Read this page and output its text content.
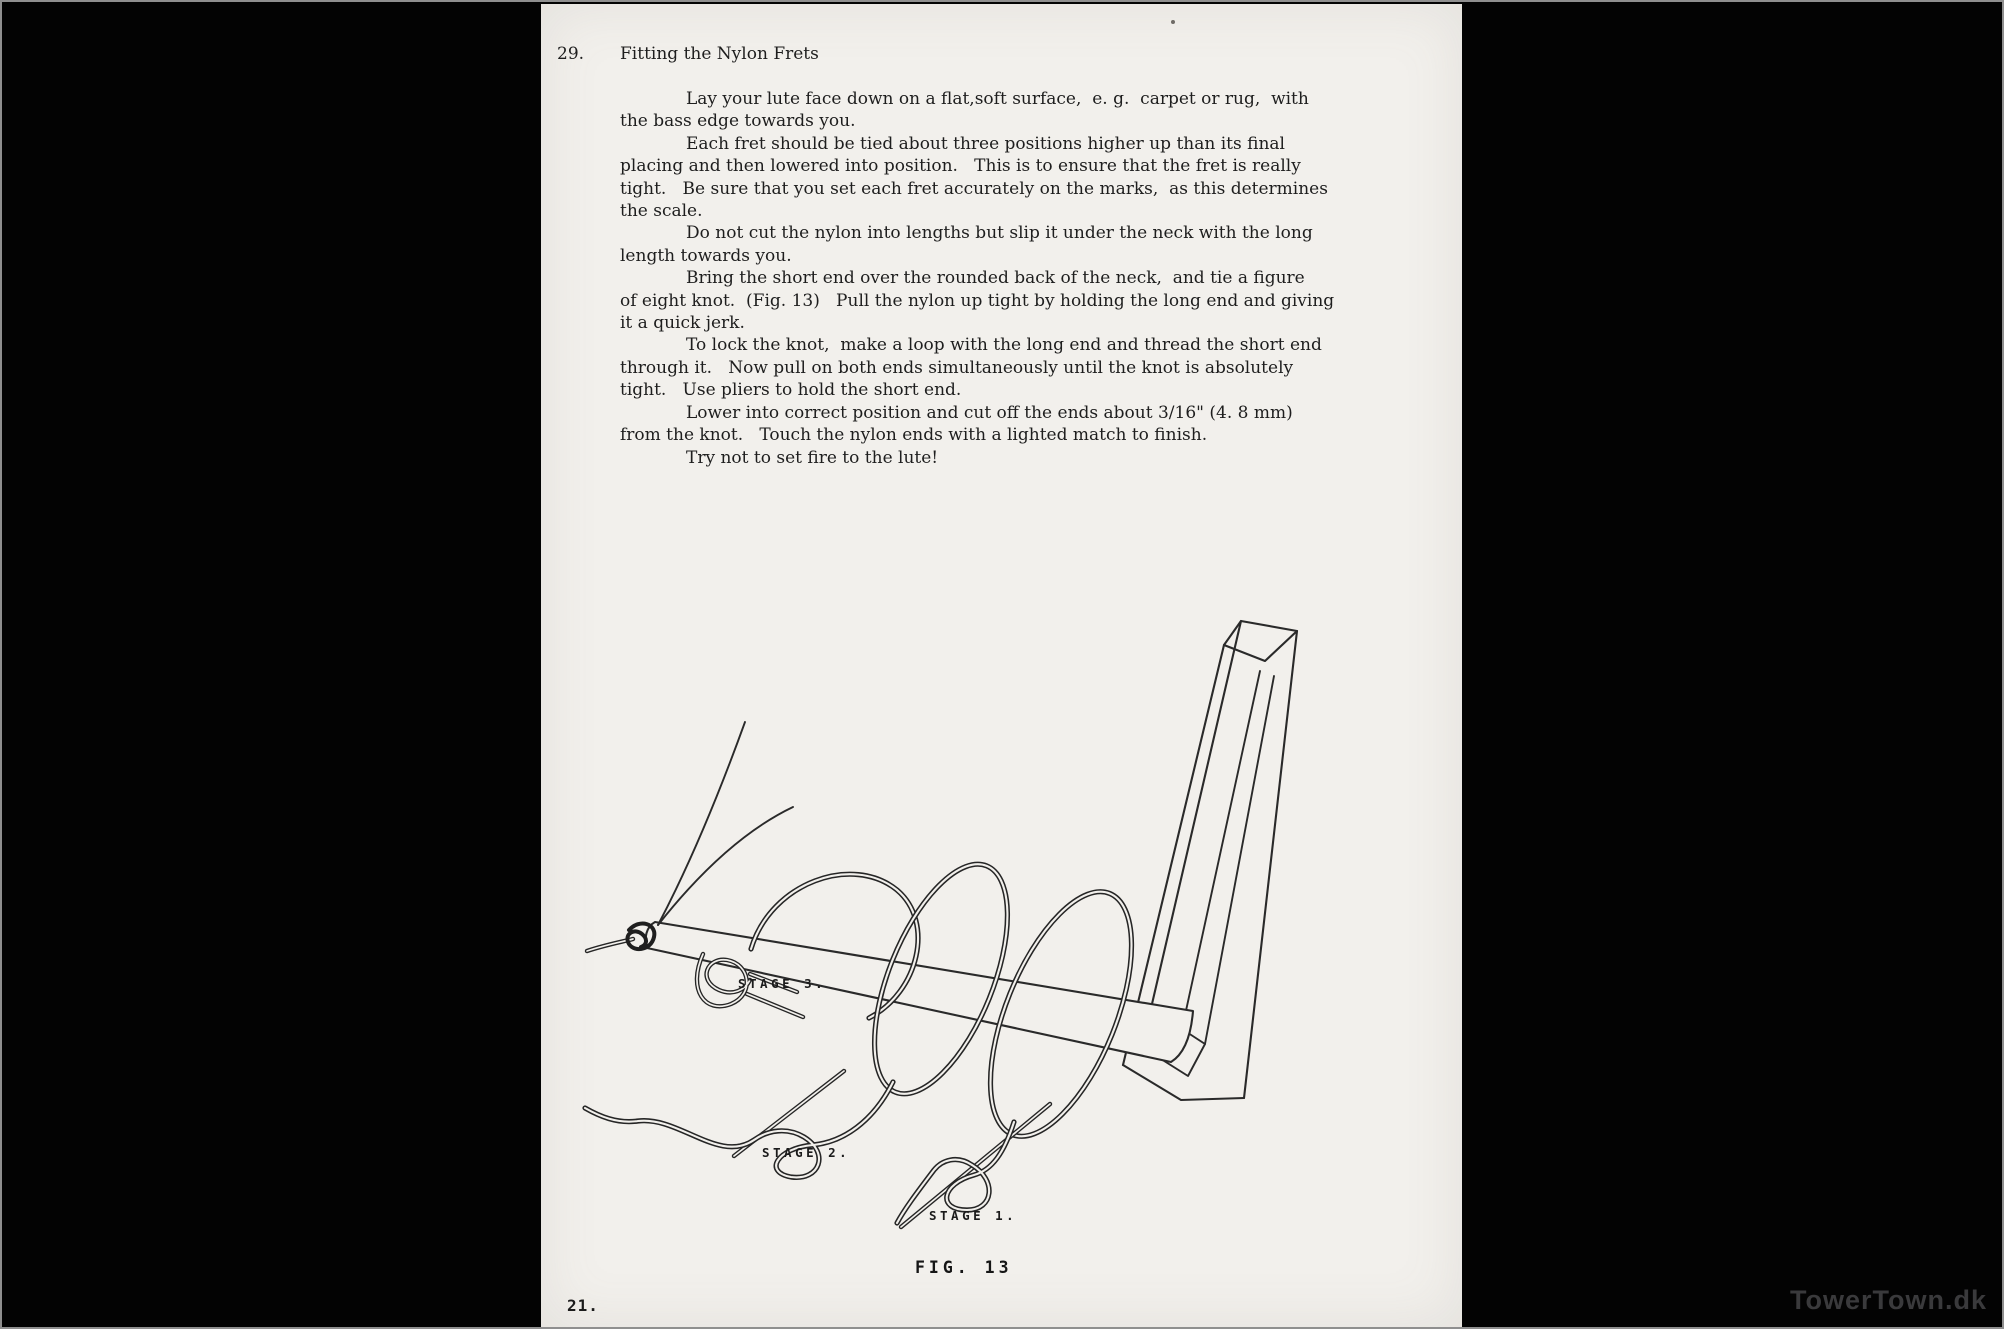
29. Fitting the Nylon Frets
Lay your lute face down on a flat,soft surface,  e. g.  carpet or rug,  with
the bass edge towards you.
Each fret should be tied about three positions higher up than its final
placing and then lowered into position.   This is to ensure that the fret is really
tight.   Be sure that you set each fret accurately on the marks,  as this determines
the scale.
Do not cut the nylon into lengths but slip it under the neck with the long
length towards you.
Bring the short end over the rounded back of the neck,  and tie a figure
of eight knot.  (Fig. 13)   Pull the nylon up tight by holding the long end and giving
it a quick jerk.
To lock the knot,  make a loop with the long end and thread the short end
through it.   Now pull on both ends simultaneously until the knot is absolutely
tight.   Use pliers to hold the short end.
Lower into correct position and cut off the ends about 3/16" (4. 8 mm)
from the knot.   Touch the nylon ends with a lighted match to finish.
Try not to set fire to the lute!
STAGE 3.
STAGE 2.
STAGE 1.
FIG. 13
21.	TowerTown.dk
